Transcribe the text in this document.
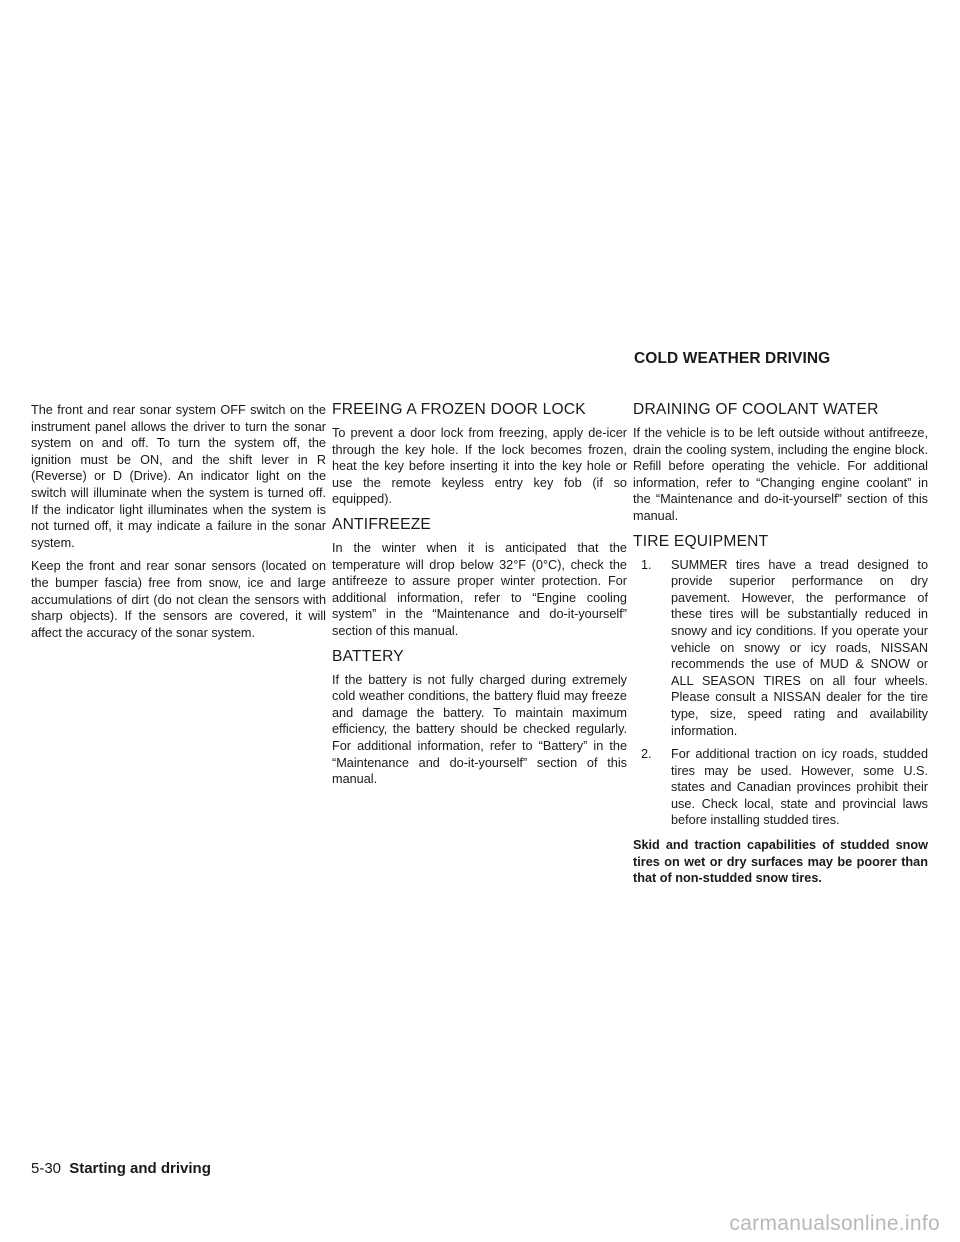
COLD WEATHER DRIVING

The front and rear sonar system OFF switch on the instrument panel allows the driver to turn the sonar system on and off. To turn the system off, the ignition must be ON, and the shift lever in R (Reverse) or D (Drive). An indicator light on the switch will illuminate when the system is turned off. If the indicator light illuminates when the system is not turned off, it may indicate a failure in the sonar system.

Keep the front and rear sonar sensors (located on the bumper fascia) free from snow, ice and large accumulations of dirt (do not clean the sensors with sharp objects). If the sensors are covered, it will affect the accuracy of the sonar system.

FREEING A FROZEN DOOR LOCK

To prevent a door lock from freezing, apply de-icer through the key hole. If the lock becomes frozen, heat the key before inserting it into the key hole or use the remote keyless entry key fob (if so equipped).

ANTIFREEZE

In the winter when it is anticipated that the temperature will drop below 32°F (0°C), check the antifreeze to assure proper winter protection. For additional information, refer to “Engine cooling system” in the “Maintenance and do-it-yourself” section of this manual.

BATTERY

If the battery is not fully charged during extremely cold weather conditions, the battery fluid may freeze and damage the battery. To maintain maximum efficiency, the battery should be checked regularly. For additional information, refer to “Battery” in the “Maintenance and do-it-yourself” section of this manual.

DRAINING OF COOLANT WATER

If the vehicle is to be left outside without antifreeze, drain the cooling system, including the engine block. Refill before operating the vehicle. For additional information, refer to “Changing engine coolant” in the “Maintenance and do-it-yourself” section of this manual.

TIRE EQUIPMENT
1. SUMMER tires have a tread designed to provide superior performance on dry pavement. However, the performance of these tires will be substantially reduced in snowy and icy conditions. If you operate your vehicle on snowy or icy roads, NISSAN recommends the use of MUD & SNOW or ALL SEASON TIRES on all four wheels. Please consult a NISSAN dealer for the tire type, size, speed rating and availability information.
2. For additional traction on icy roads, studded tires may be used. However, some U.S. states and Canadian provinces prohibit their use. Check local, state and provincial laws before installing studded tires.

Skid and traction capabilities of studded snow tires on wet or dry surfaces may be poorer than that of non-studded snow tires.

5-30 Starting and driving
carmanualsonline.info
